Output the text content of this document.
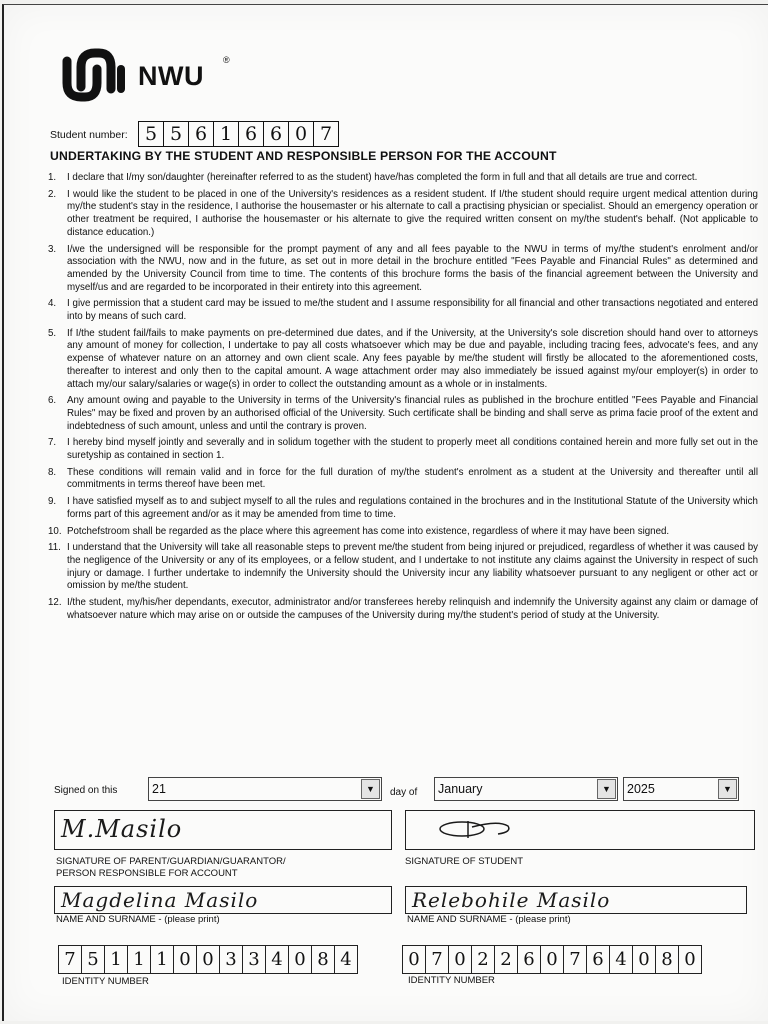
NWU
®
Student number: 5 5 6 1 6 6 0 7
UNDERTAKING BY THE STUDENT AND RESPONSIBLE PERSON FOR THE ACCOUNT
1.	I declare that I/my son/daughter (hereinafter referred to as the student) have/has completed the form in full and that all details are true and correct.
2.	I would like the student to be placed in one of the University's residences as a resident student. If I/the student should require urgent medical attention during my/the student's stay in the residence, I authorise the housemaster or his alternate to call a practising physician or specialist. Should an emergency operation or other treatment be required, I authorise the housemaster or his alternate to give the required written consent on my/the student's behalf. (Not applicable to distance education.)
3.	I/we the undersigned will be responsible for the prompt payment of any and all fees payable to the NWU in terms of my/the student's enrolment and/or association with the NWU, now and in the future, as set out in more detail in the brochure entitled "Fees Payable and Financial Rules" as determined and amended by the University Council from time to time. The contents of this brochure forms the basis of the financial agreement between the University and myself/us and are regarded to be incorporated in their entirety into this agreement.
4.	I give permission that a student card may be issued to me/the student and I assume responsibility for all financial and other transactions negotiated and entered into by means of such card.
5.	If I/the student fail/fails to make payments on pre-determined due dates, and if the University, at the University's sole discretion should hand over to attorneys any amount of money for collection, I undertake to pay all costs whatsoever which may be due and payable, including tracing fees, advocate's fees, and any expense of whatever nature on an attorney and own client scale. Any fees payable by me/the student will firstly be allocated to the aforementioned costs, thereafter to interest and only then to the capital amount. A wage attachment order may also immediately be issued against my/our employer(s) in order to attach my/our salary/salaries or wage(s) in order to collect the outstanding amount as a whole or in instalments.
6.	Any amount owing and payable to the University in terms of the University's financial rules as published in the brochure entitled "Fees Payable and Financial Rules" may be fixed and proven by an authorised official of the University. Such certificate shall be binding and shall serve as prima facie proof of the extent and indebtedness of such amount, unless and until the contrary is proven.
7.	I hereby bind myself jointly and severally and in solidum together with the student to properly meet all conditions contained herein and more fully set out in the suretyship as contained in section 1.
8.	These conditions will remain valid and in force for the full duration of my/the student's enrolment as a student at the University and thereafter until all commitments in terms thereof have been met.
9.	I have satisfied myself as to and subject myself to all the rules and regulations contained in the brochures and in the Institutional Statute of the University which forms part of this agreement and/or as it may be amended from time to time.
10. Potchefstroom shall be regarded as the place where this agreement has come into existence, regardless of where it may have been signed.
11. I understand that the University will take all reasonable steps to prevent me/the student from being injured or prejudiced, regardless of whether it was caused by the negligence of the University or any of its employees, or a fellow student, and I undertake to not institute any claims against the University in respect of such injury or damage. I further undertake to indemnify the University should the University incur any liability whatsoever pursuant to any negligent or other act or omission by me/the student.
12. I/the student, my/his/her dependants, executor, administrator and/or transferees hereby relinquish and indemnify the University against any claim or damage of whatsoever nature which may arise on or outside the campuses of the University during my/the student's period of study at the University.
Signed on this	21	▼	day of January	▼	2025	▼
M.Masilo
SIGNATURE OF PARENT/GUARDIAN/GUARANTOR/
PERSON RESPONSIBLE FOR ACCOUNT
SIGNATURE OF STUDENT
Magdelina Masilo
NAME AND SURNAME - (please print)
Relebohile Masilo
NAME AND SURNAME - (please print)
7 5 1 1 1 0 0 3 3 4 0 8 4
IDENTITY NUMBER
0 7 0 2 2 6 0 7 6 4 0 8 0
IDENTITY NUMBER
